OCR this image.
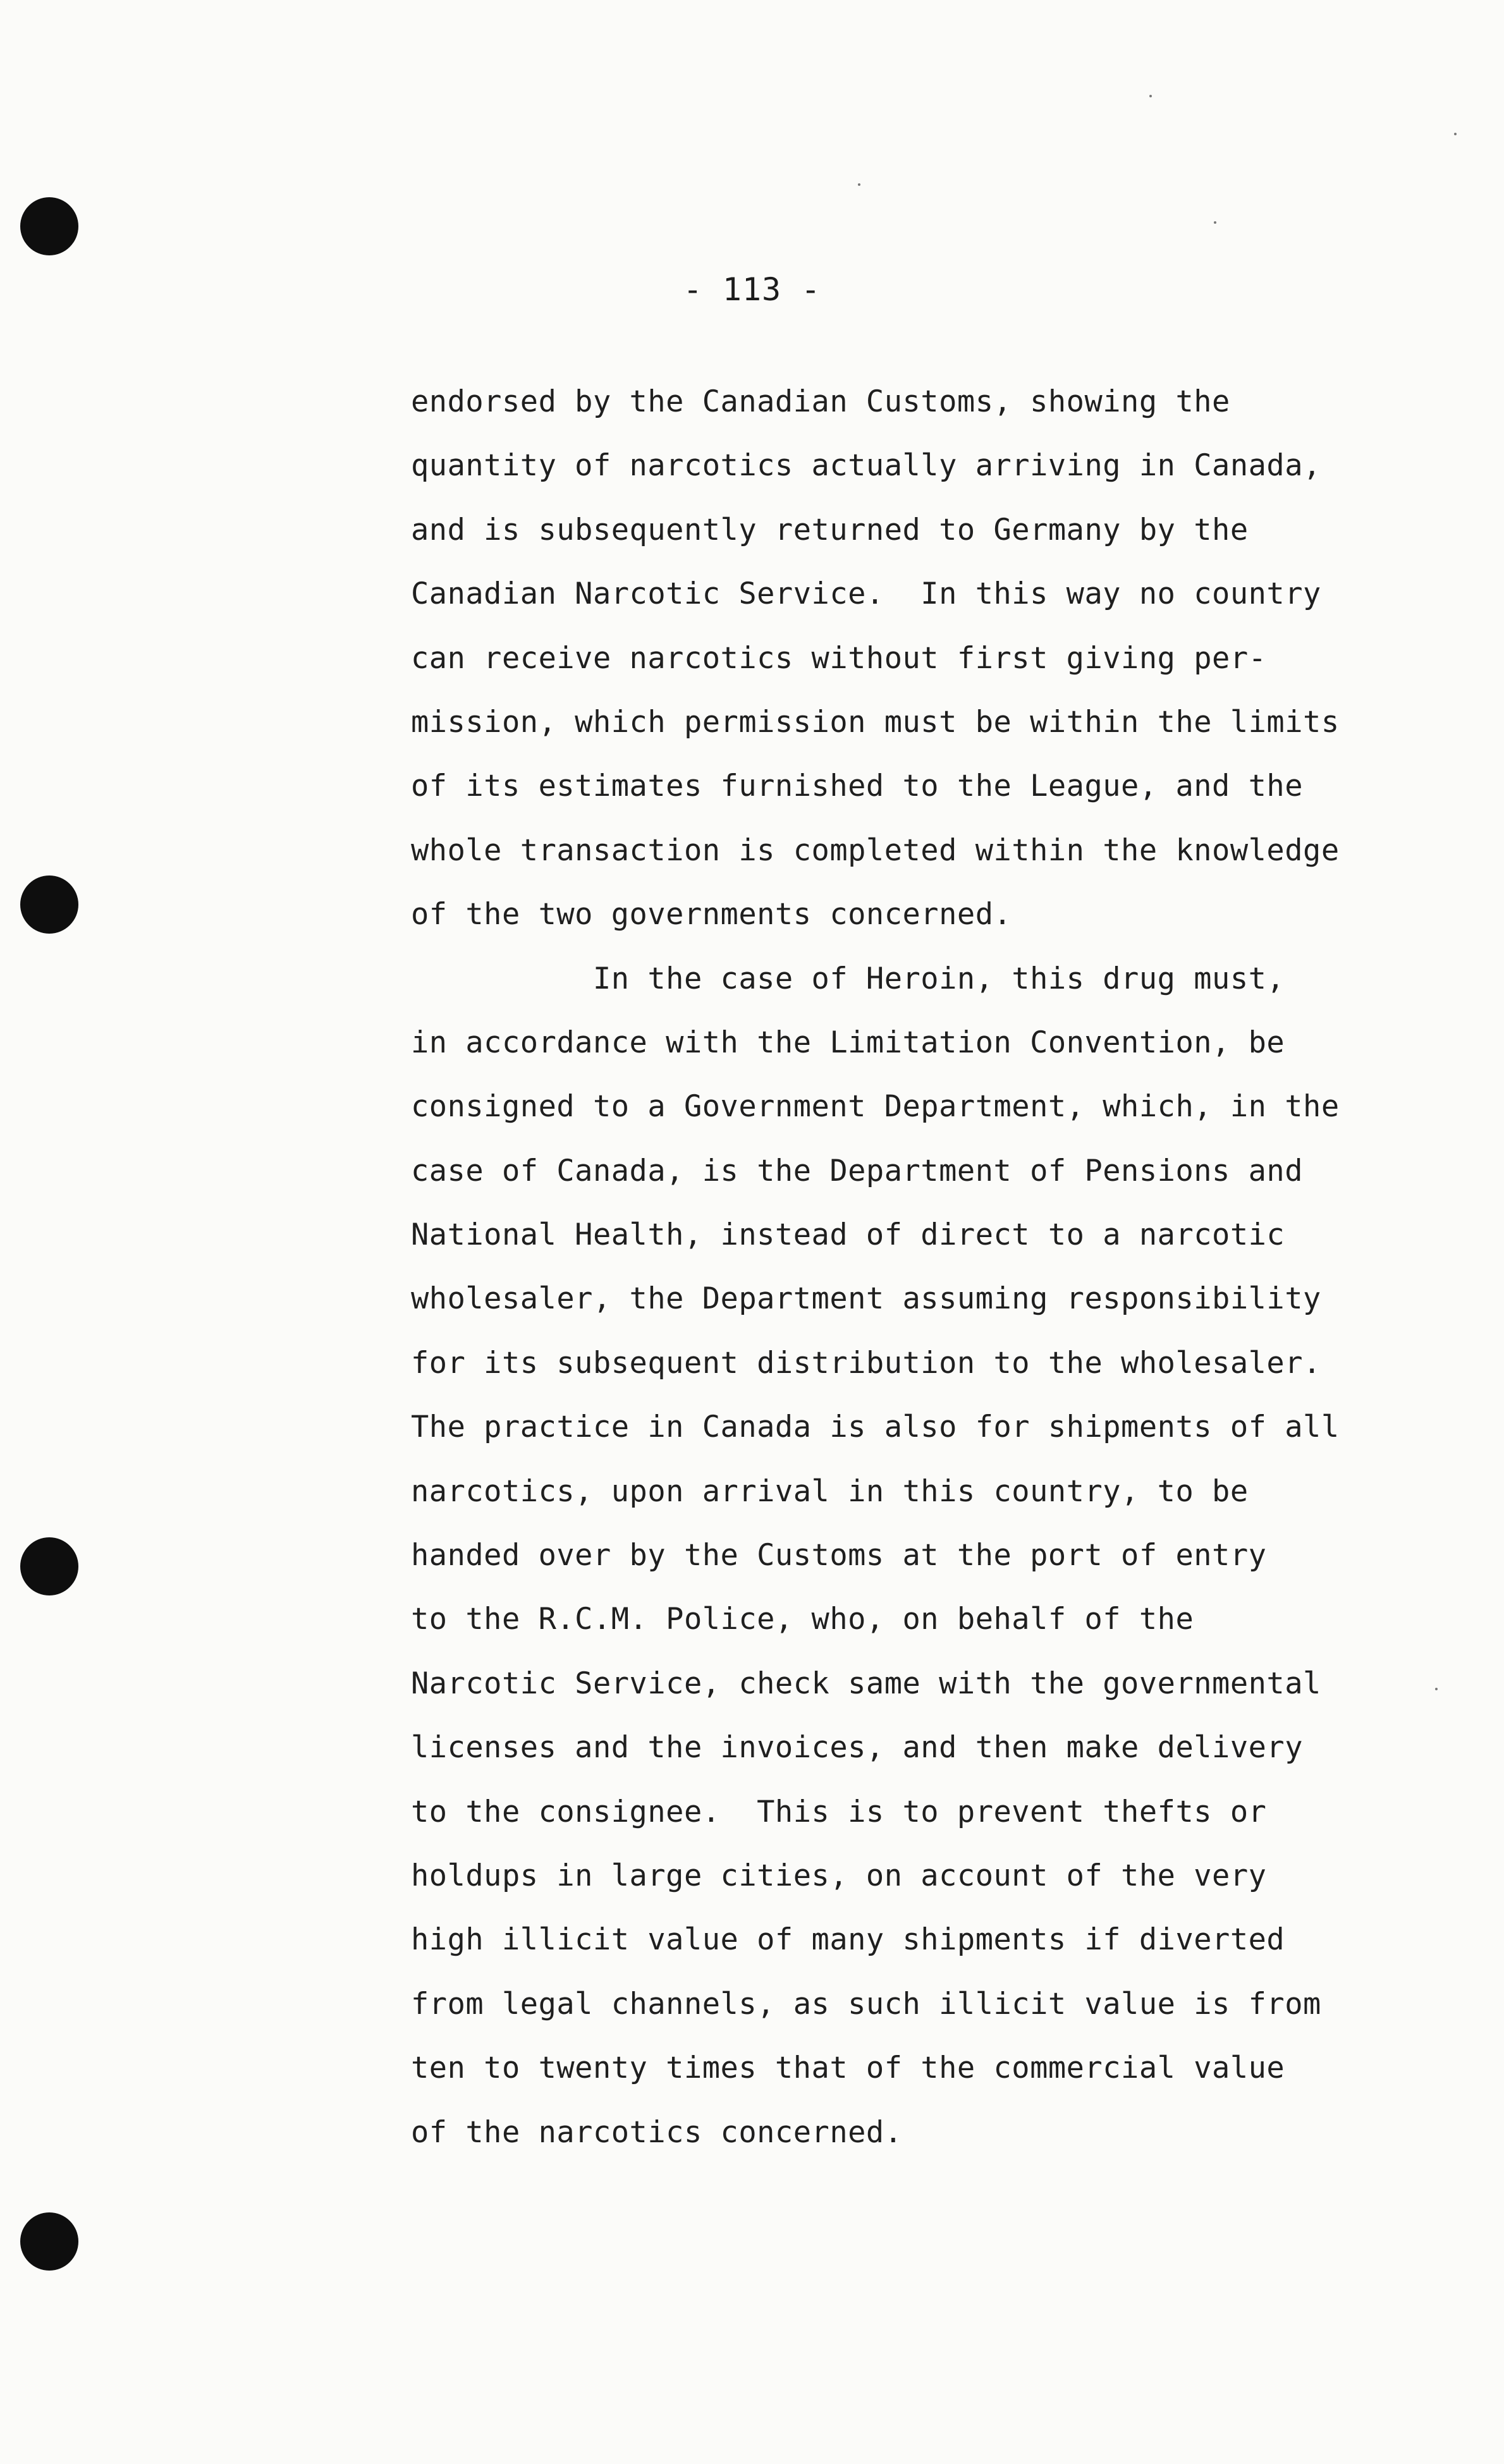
- 113 -
endorsed by the Canadian Customs, showing the
quantity of narcotics actually arriving in Canada,
and is subsequently returned to Germany by the
Canadian Narcotic Service.  In this way no country
can receive narcotics without first giving per-
mission, which permission must be within the limits
of its estimates furnished to the League, and the
whole transaction is completed within the knowledge
of the two governments concerned.
In the case of Heroin, this drug must,
in accordance with the Limitation Convention, be
consigned to a Government Department, which, in the
case of Canada, is the Department of Pensions and
National Health, instead of direct to a narcotic
wholesaler, the Department assuming responsibility
for its subsequent distribution to the wholesaler.
The practice in Canada is also for shipments of all
narcotics, upon arrival in this country, to be
handed over by the Customs at the port of entry
to the R.C.M. Police, who, on behalf of the
Narcotic Service, check same with the governmental
licenses and the invoices, and then make delivery
to the consignee.  This is to prevent thefts or
holdups in large cities, on account of the very
high illicit value of many shipments if diverted
from legal channels, as such illicit value is from
ten to twenty times that of the commercial value
of the narcotics concerned.
